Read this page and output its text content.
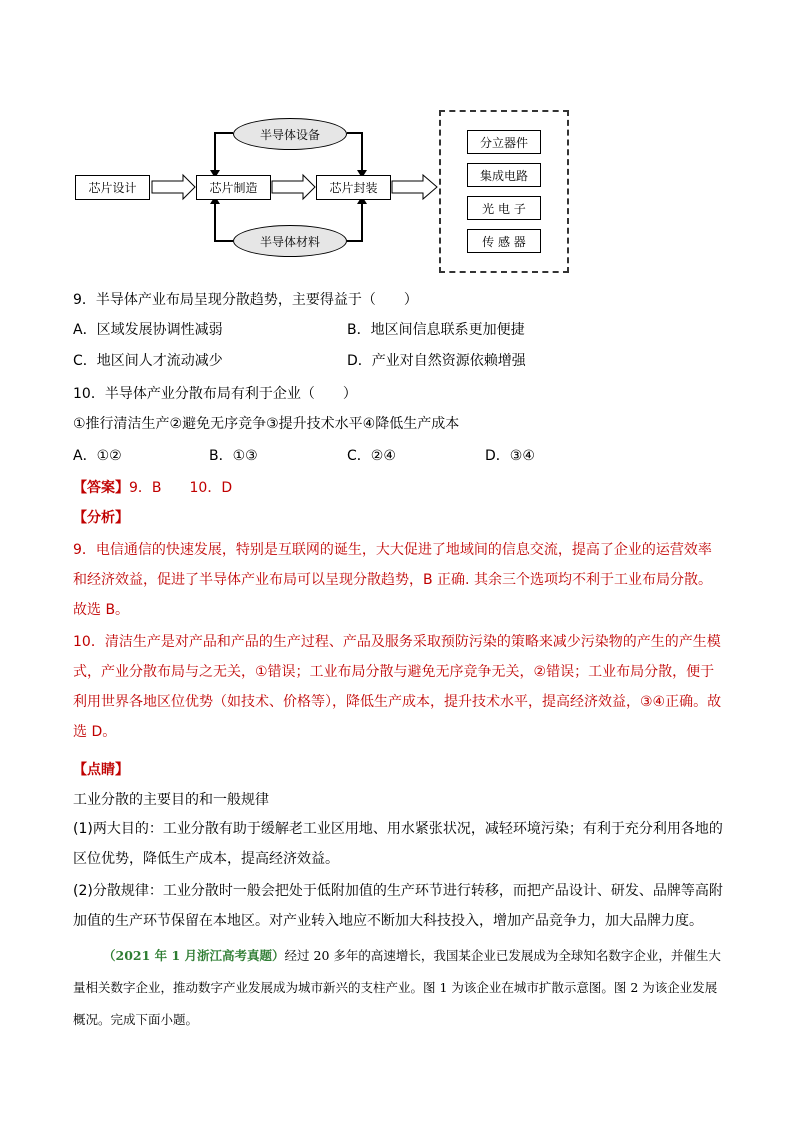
芯片设计	芯片制造	芯片封装
半导体设备
半导体材料
分立器件
集成电路
光 电 子
传 感 器
9．半导体产业布局呈现分散趋势，主要得益于（　　）
A．区域发展协调性减弱	B．地区间信息联系更加便捷
C．地区间人才流动减少	D．产业对自然资源依赖增强
10．半导体产业分散布局有利于企业（　　）
①推行清洁生产②避免无序竞争③提升技术水平④降低生产成本
A．①②	B．①③	C．②④	D．③④
【答案】9．B　　10．D
【分析】
9．电信通信的快速发展，特别是互联网的诞生，大大促进了地域间的信息交流，提高了企业的运营效率和经济效益，促进了半导体产业布局可以呈现分散趋势，B 正确. 其余三个选项均不利于工业布局分散。故选 B。
10．清洁生产是对产品和产品的生产过程、产品及服务采取预防污染的策略来减少污染物的产生的产生模式，产业分散布局与之无关，①错误；工业布局分散与避免无序竞争无关，②错误；工业布局分散，便于利用世界各地区位优势（如技术、价格等），降低生产成本，提升技术水平，提高经济效益，③④正确。故选 D。
【点睛】
工业分散的主要目的和一般规律
(1)两大目的：工业分散有助于缓解老工业区用地、用水紧张状况，减轻环境污染；有利于充分利用各地的区位优势，降低生产成本，提高经济效益。
(2)分散规律：工业分散时一般会把处于低附加值的生产环节进行转移，而把产品设计、研发、品牌等高附加值的生产环节保留在本地区。对产业转入地应不断加大科技投入，增加产品竞争力，加大品牌力度。
（2021 年 1 月浙江高考真题）经过 20 多年的高速增长，我国某企业已发展成为全球知名数字企业，并催生大量相关数字企业，推动数字产业发展成为城市新兴的支柱产业。图 1 为该企业在城市扩散示意图。图 2 为该企业发展概况。完成下面小题。
